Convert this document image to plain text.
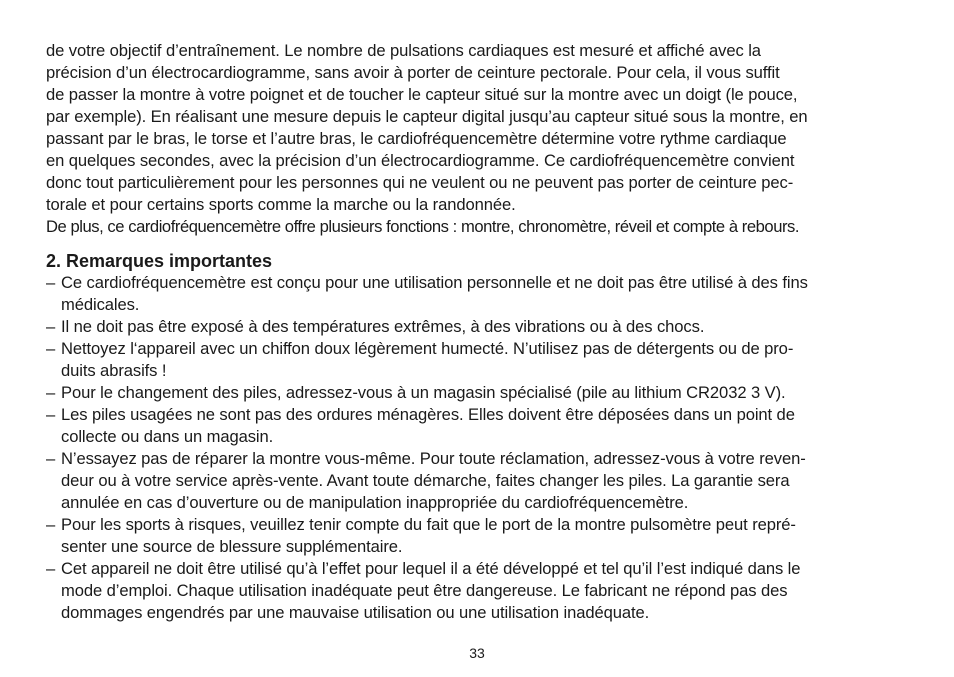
de votre objectif d’entraînement. Le nombre de pulsations cardiaques est mesuré et affiché avec la
précision d’un électrocardiogramme, sans avoir à porter de ceinture pectorale. Pour cela, il vous suffit
de passer la montre à votre poignet et de toucher le capteur situé sur la montre avec un doigt (le pouce,
par exemple). En réalisant une mesure depuis le capteur digital jusqu’au capteur situé sous la montre, en
passant par le bras, le torse et l’autre bras, le cardiofréquencemètre détermine votre rythme cardiaque
en quelques secondes, avec la précision d’un électrocardiogramme. Ce cardiofréquencemètre convient
donc tout particulièrement pour les personnes qui ne veulent ou ne peuvent pas porter de ceinture pec-
torale et pour certains sports comme la marche ou la randonnée.
De plus, ce cardiofréquencemètre offre plusieurs fonctions : montre, chronomètre, réveil et compte à rebours.
2. Remarques importantes
– Ce cardiofréquencemètre est conçu pour une utilisation personnelle et ne doit pas être utilisé à des fins
médicales.
– Il ne doit pas être exposé à des températures extrêmes, à des vibrations ou à des chocs.
– Nettoyez l‘appareil avec un chiffon doux légèrement humecté. N’utilisez pas de détergents ou de pro-
duits abrasifs !
– Pour le changement des piles, adressez-vous à un magasin spécialisé (pile au lithium CR2032 3 V).
– Les piles usagées ne sont pas des ordures ménagères. Elles doivent être déposées dans un point de
collecte ou dans un magasin.
– N’essayez pas de réparer la montre vous-même. Pour toute réclamation, adressez-vous à votre reven-
deur ou à votre service après-vente. Avant toute démarche, faites changer les piles. La garantie sera
annulée en cas d’ouverture ou de manipulation inappropriée du cardiofréquencemètre.
– Pour les sports à risques, veuillez tenir compte du fait que le port de la montre pulsomètre peut repré-
senter une source de blessure supplémentaire.
– Cet appareil ne doit être utilisé qu’à l’effet pour lequel il a été développé et tel qu’il l’est indiqué dans le
mode d’emploi. Chaque utilisation inadéquate peut être dangereuse. Le fabricant ne répond pas des
dommages engendrés par une mauvaise utilisation ou une utilisation inadéquate.
33
